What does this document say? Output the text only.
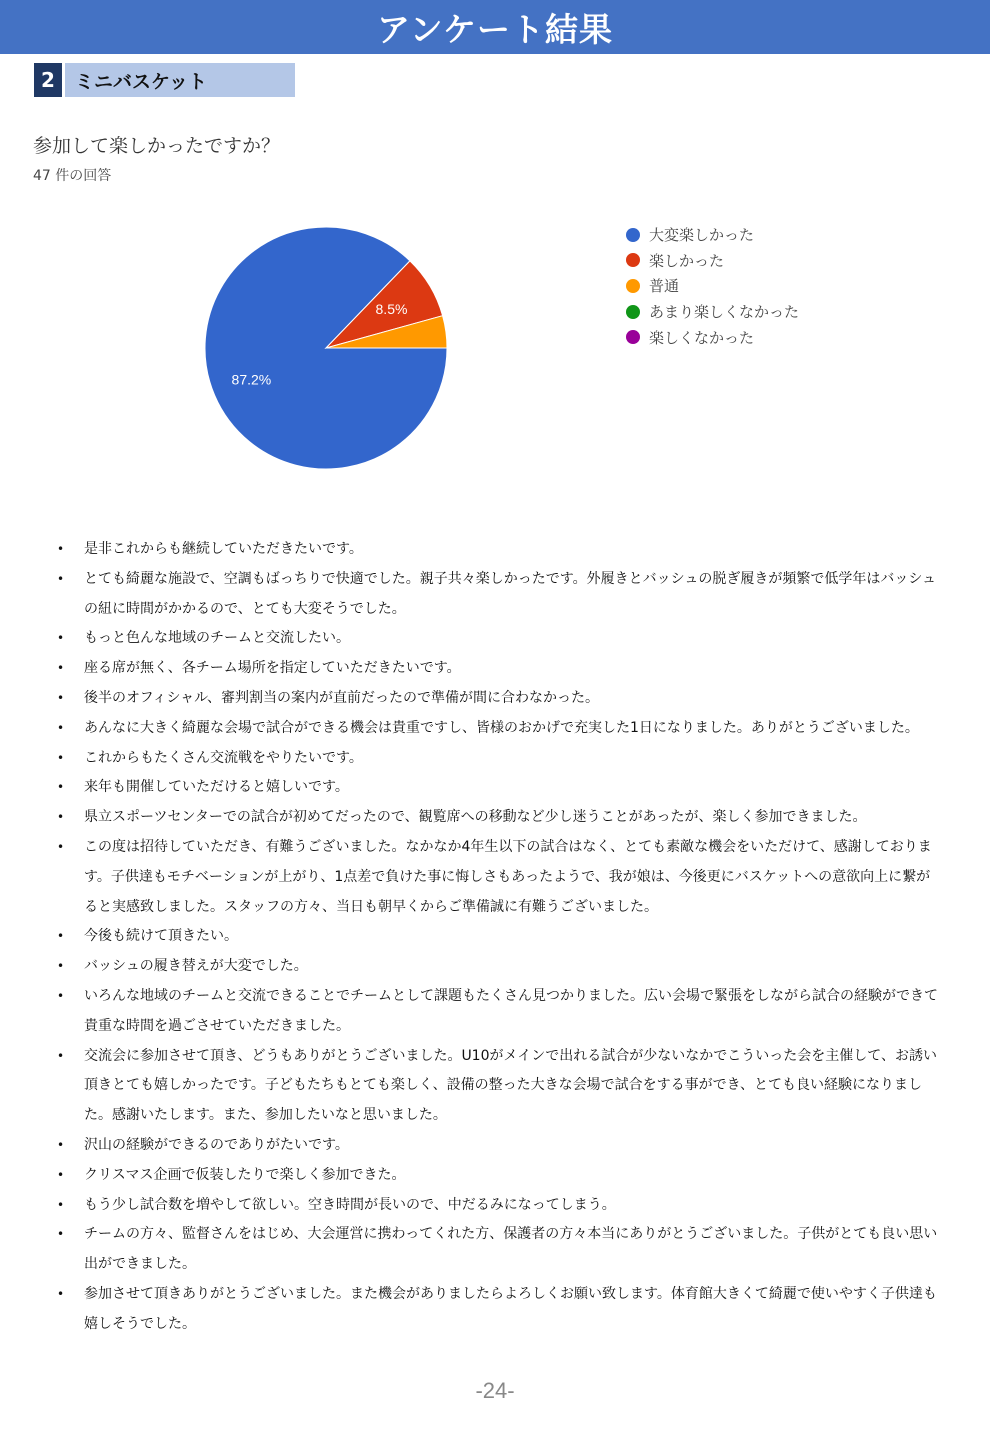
アンケート結果
2	ミニバスケット
参加して楽しかったですか？
47 件の回答
87.2%
8.5%
大変楽しかった
楽しかった
普通
あまり楽しくなかった
楽しくなかった
• 是非これからも継続していただきたいです。
• とても綺麗な施設で、空調もばっちりで快適でした。親子共々楽しかったです。外履きとバッシュの脱ぎ履きが頻繁で低学年はバッシュの紐に時間がかかるので、とても大変そうでした。
• もっと色んな地域のチームと交流したい。
• 座る席が無く、各チーム場所を指定していただきたいです。
• 後半のオフィシャル、審判割当の案内が直前だったので準備が間に合わなかった。
• あんなに大きく綺麗な会場で試合ができる機会は貴重ですし、皆様のおかげで充実した1日になりました。ありがとうございました。
• これからもたくさん交流戦をやりたいです。
• 来年も開催していただけると嬉しいです。
• 県立スポーツセンターでの試合が初めてだったので、観覧席への移動など少し迷うことがあったが、楽しく参加できました。
• この度は招待していただき、有難うございました。なかなか4年生以下の試合はなく、とても素敵な機会をいただけて、感謝しております。子供達もモチベーションが上がり、1点差で負けた事に悔しさもあったようで、我が娘は、今後更にバスケットへの意欲向上に繋がると実感致しました。スタッフの方々、当日も朝早くからご準備誠に有難うございました。
• 今後も続けて頂きたい。
• バッシュの履き替えが大変でした。
• いろんな地域のチームと交流できることでチームとして課題もたくさん見つかりました。広い会場で緊張をしながら試合の経験ができて貴重な時間を過ごさせていただきました。
• 交流会に参加させて頂き、どうもありがとうございました。U10がメインで出れる試合が少ないなかでこういった会を主催して、お誘い頂きとても嬉しかったです。子どもたちもとても楽しく、設備の整った大きな会場で試合をする事ができ、とても良い経験になりました。感謝いたします。また、参加したいなと思いました。
• 沢山の経験ができるのでありがたいです。
• クリスマス企画で仮装したりで楽しく参加できた。
• もう少し試合数を増やして欲しい。空き時間が長いので、中だるみになってしまう。
• チームの方々、監督さんをはじめ、大会運営に携わってくれた方、保護者の方々本当にありがとうございました。子供がとても良い思い出ができました。
• 参加させて頂きありがとうございました。また機会がありましたらよろしくお願い致します。体育館大きくて綺麗で使いやすく子供達も嬉しそうでした。
-24-
